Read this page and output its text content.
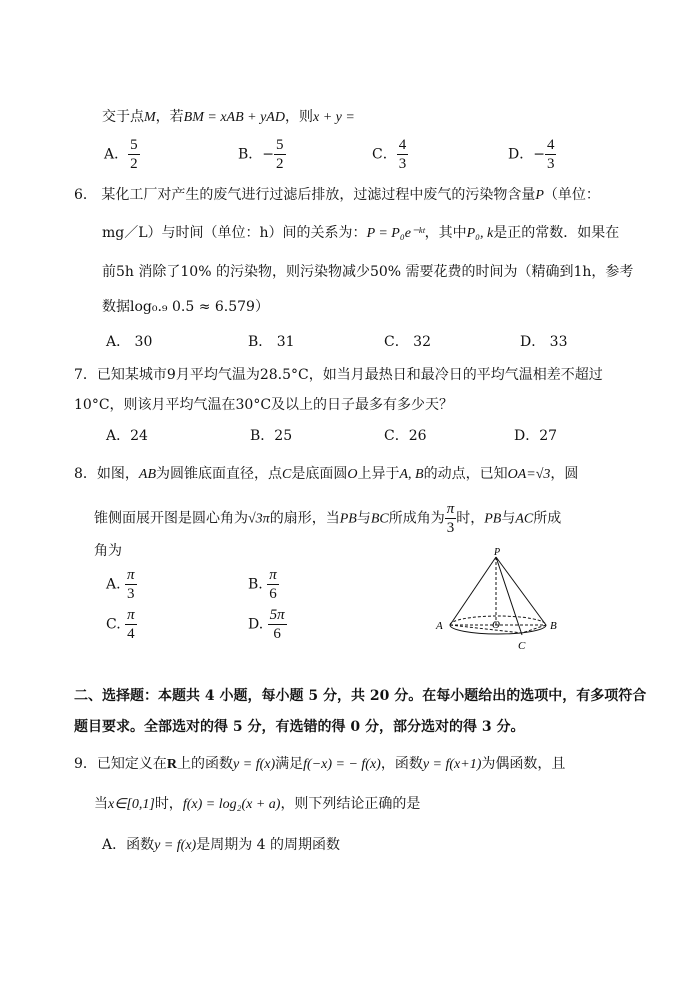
交于点M，若BM = xAB + yAD，则x + y =
A． $\frac{5}{2}$	B．− $\frac{5}{2}$	C． $\frac{4}{3}$	D．− $\frac{4}{3}$
6． 某化工厂对产生的废气进行过滤后排放，过滤过程中废气的污染物含量P（单位：
mg／L）与时间（单位：h）间的关系为：P = P₀e⁻ᵏᵗ，其中P₀, k是正的常数．如果在
前5h 消除了10% 的污染物，则污染物减少50% 需要花费的时间为（精确到1h，参考
数据log₀.₉ 0.5 ≈ 6.579）
A． 30	B． 31	C． 32	D． 33
7．已知某城市9月平均气温为28.5°C，如当月最热日和最冷日的平均气温相差不超过
10°C，则该月平均气温在30°C及以上的日子最多有多少天？
A．24	B．25	C．26	D．27
8．如图，AB为圆锥底面直径，点C是底面圆O上异于A, B的动点，已知OA=√3，圆
锥侧面展开图是圆心角为√3π的扇形，当PB与BC所成角为 $\frac{\pi}{3}$ 时，PB与AC所成
角为
A. $\frac{\pi}{3}$	B. $\frac{\pi}{6}$
C. $\frac{\pi}{4}$	D. $\frac{5\pi}{6}$
P
A	O	B
C
二、选择题：本题共 4 小题，每小题 5 分，共 20 分。在每小题给出的选项中，有多项符合
题目要求。全部选对的得 5 分，有选错的得 0 分，部分选对的得 3 分。
9．已知定义在R上的函数y = f(x)满足f(−x) = − f(x)，函数y = f(x+1)为偶函数，且
当x∈[0,1]时，f(x) = log₂(x + a)，则下列结论正确的是
A．函数y = f(x)是周期为 4 的周期函数
